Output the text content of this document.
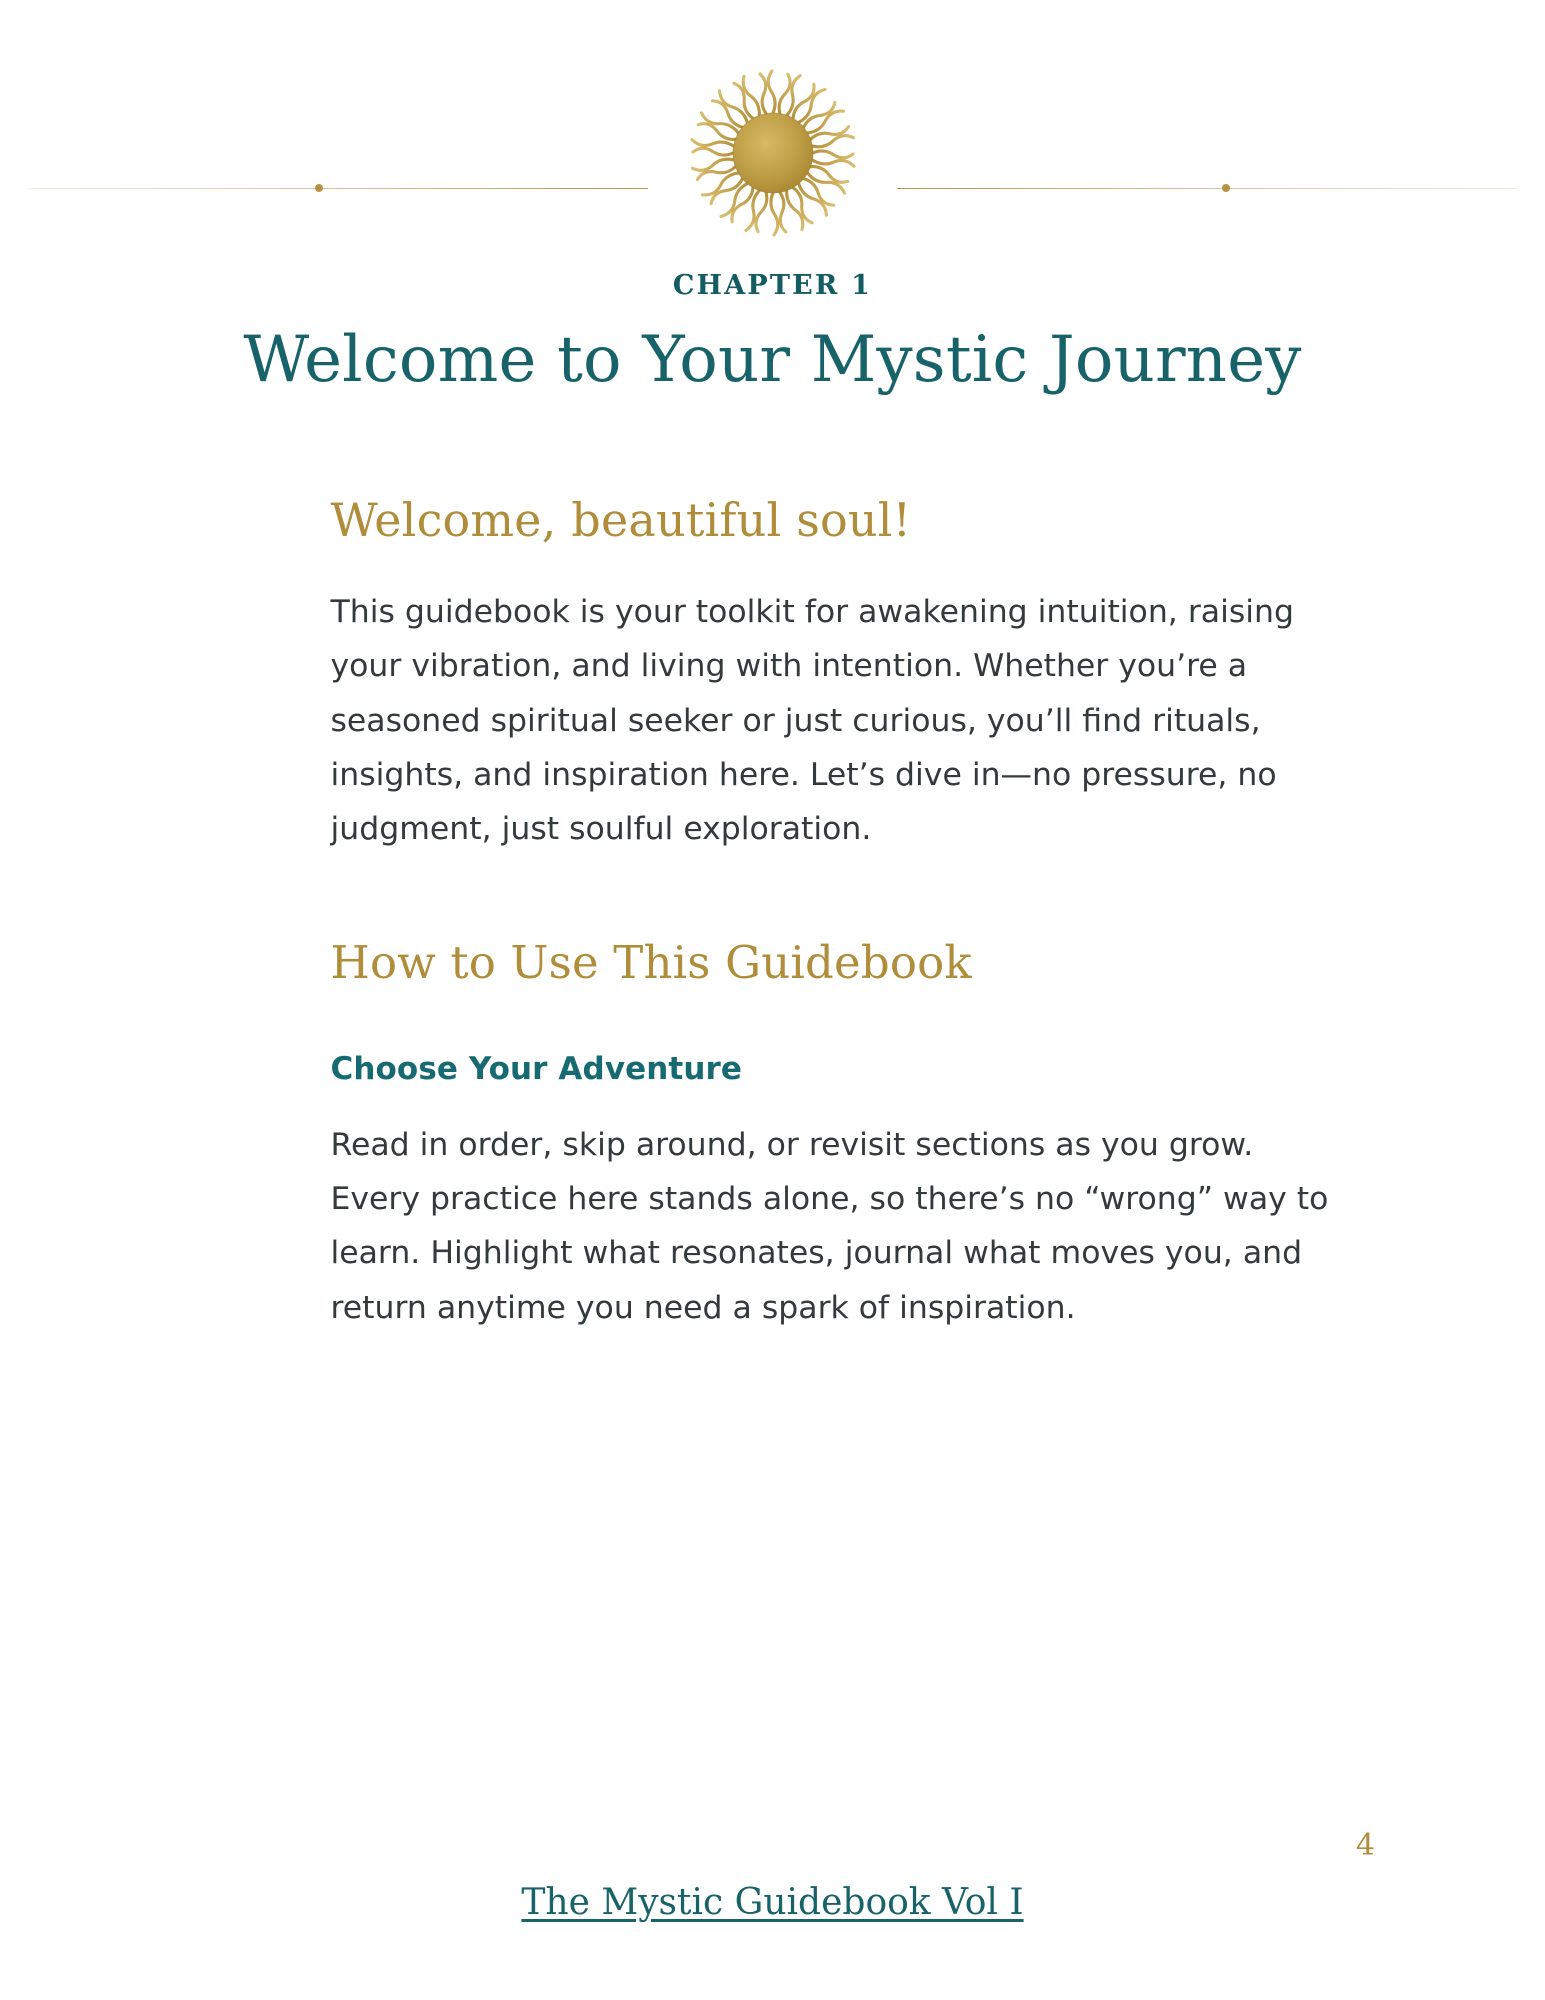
CHAPTER 1
Welcome to Your Mystic Journey
Welcome, beautiful soul!

This guidebook is your toolkit for awakening intuition, raising your vibration, and living with intention. Whether you’re a seasoned spiritual seeker or just curious, you’ll find rituals, insights, and inspiration here. Let’s dive in—no pressure, no judgment, just soulful exploration.

How to Use This Guidebook
Choose Your Adventure

Read in order, skip around, or revisit sections as you grow. Every practice here stands alone, so there’s no “wrong” way to learn. Highlight what resonates, journal what moves you, and return anytime you need a spark of inspiration.

4
The Mystic Guidebook Vol I
